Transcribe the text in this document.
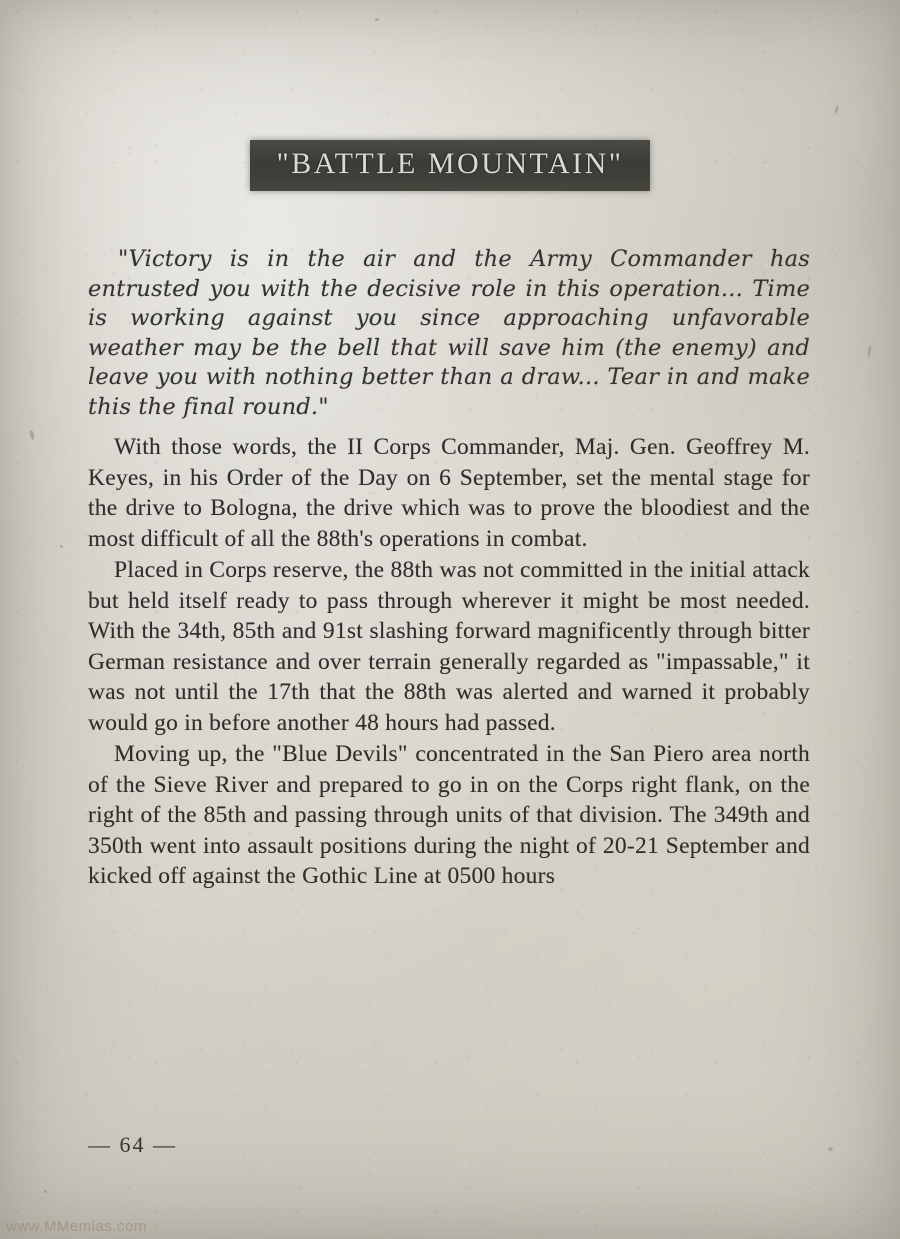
"BATTLE MOUNTAIN"

"Victory is in the air and the Army Commander has entrusted you with the decisive role in this operation... Time is working against you since approaching unfavorable weather may be the bell that will save him (the enemy) and leave you with nothing better than a draw... Tear in and make this the final round."

With those words, the II Corps Commander, Maj. Gen. Geoffrey M. Keyes, in his Order of the Day on 6 September, set the mental stage for the drive to Bologna, the drive which was to prove the bloodiest and the most difficult of all the 88th's operations in combat.

Placed in Corps reserve, the 88th was not committed in the initial attack but held itself ready to pass through wherever it might be most needed. With the 34th, 85th and 91st slashing forward magnificently through bitter German resistance and over terrain generally regarded as "impassable," it was not until the 17th that the 88th was alerted and warned it probably would go in before another 48 hours had passed.

Moving up, the "Blue Devils" concentrated in the San Piero area north of the Sieve River and prepared to go in on the Corps right flank, on the right of the 85th and passing through units of that division. The 349th and 350th went into assault positions during the night of 20-21 September and kicked off against the Gothic Line at 0500 hours

— 64 —
www.MMemlas.com
